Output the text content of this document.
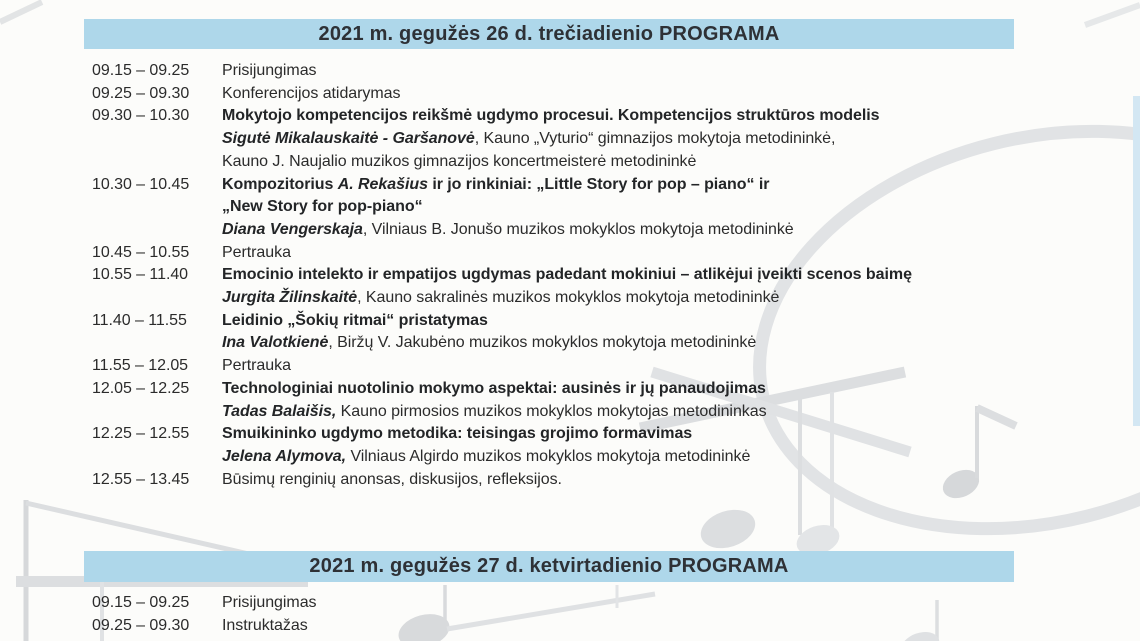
2021 m. gegužės 26 d. trečiadienio PROGRAMA
09.15 – 09.25	Prisijungimas
09.25 – 09.30	Konferencijos atidarymas
09.30 – 10.30	Mokytojo kompetencijos reikšmė ugdymo procesui. Kompetencijos struktūros modelis
Sigutė Mikalauskaitė - Garšanovė, Kauno „Vyturio“ gimnazijos mokytoja metodininkė,
Kauno J. Naujalio muzikos gimnazijos koncertmeisterė metodininkė
10.30 – 10.45	Kompozitorius A. Rekašius ir jo rinkiniai: „Little Story for pop – piano“ ir
„New Story for pop-piano“
Diana Vengerskaja, Vilniaus B. Jonušo muzikos mokyklos mokytoja metodininkė
10.45 – 10.55	Pertrauka
10.55 – 11.40	Emocinio intelekto ir empatijos ugdymas padedant mokiniui – atlikėjui įveikti scenos baimę
Jurgita Žilinskaitė, Kauno sakralinės muzikos mokyklos mokytoja metodininkė
11.40 – 11.55	Leidinio „Šokių ritmai“ pristatymas
Ina Valotkienė, Biržų V. Jakubėno muzikos mokyklos mokytoja metodininkė
11.55 – 12.05	Pertrauka
12.05 – 12.25	Technologiniai nuotolinio mokymo aspektai: ausinės ir jų panaudojimas
Tadas Balaišis, Kauno pirmosios muzikos mokyklos mokytojas metodininkas
12.25 – 12.55	Smuikininko ugdymo metodika: teisingas grojimo formavimas
Jelena Alymova, Vilniaus Algirdo muzikos mokyklos mokytoja metodininkė
12.55 – 13.45	Būsimų renginių anonsas, diskusijos, refleksijos.
2021 m. gegužės 27 d. ketvirtadienio PROGRAMA
09.15 – 09.25	Prisijungimas
09.25 – 09.30	Instruktažas
